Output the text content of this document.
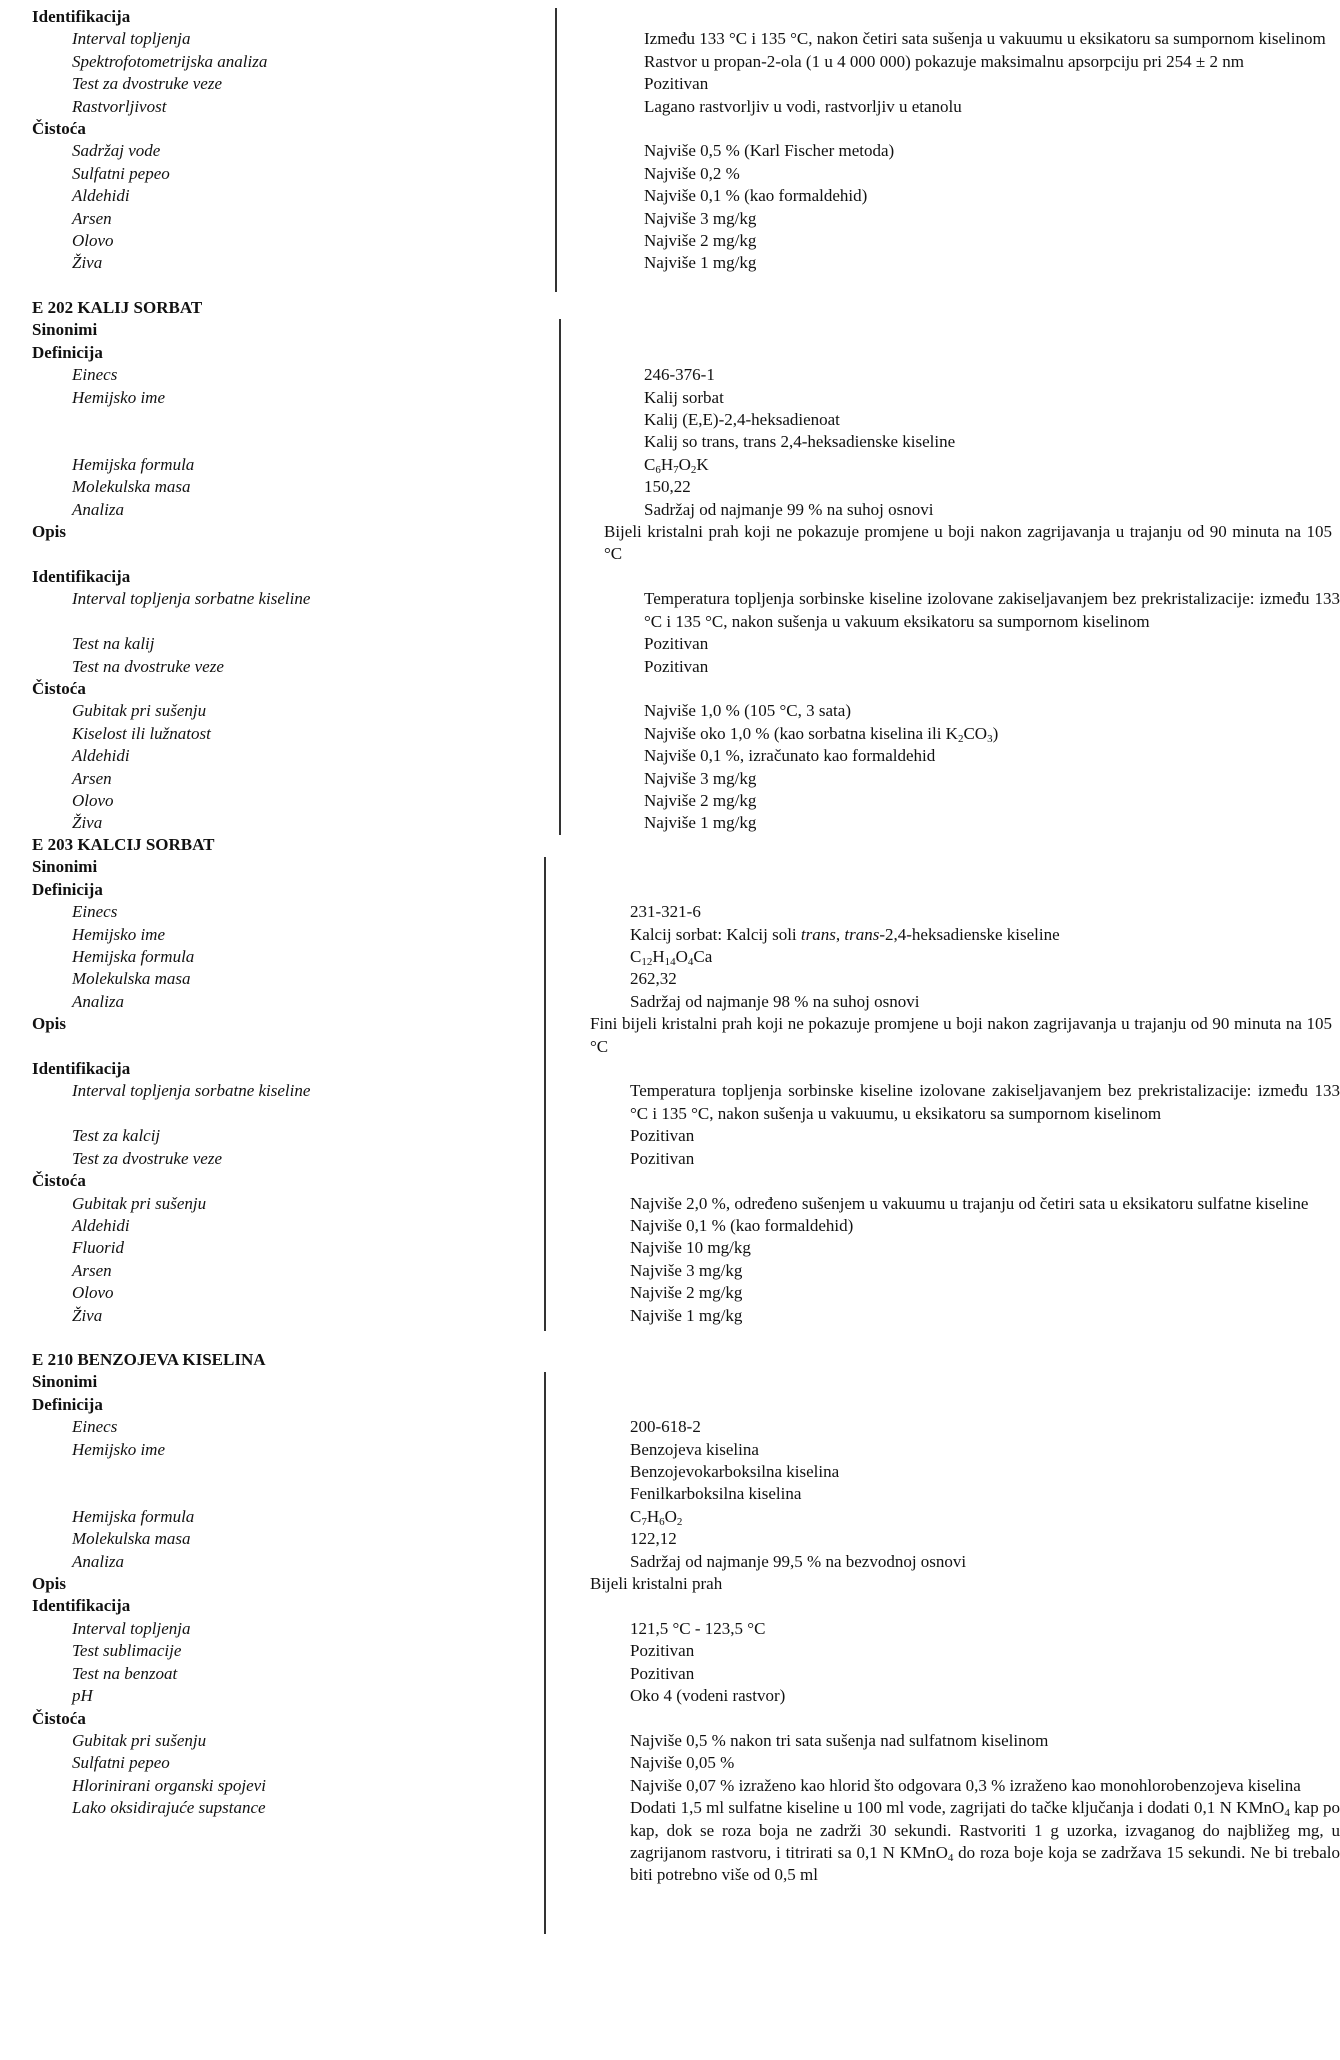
Identifikacija
Interval topljenja	Između 133 °C i 135 °C, nakon četiri sata sušenja u vakuumu u eksikatoru sa sumpornom kiselinom
Spektrofotometrijska analiza	Rastvor u propan-2-ola (1 u 4 000 000) pokazuje maksimalnu apsorpciju pri 254 ± 2 nm
Test za dvostruke veze	Pozitivan
Rastvorljivost	Lagano rastvorljiv u vodi, rastvorljiv u etanolu
Čistoća
Sadržaj vode	Najviše 0,5 % (Karl Fischer metoda)
Sulfatni pepeo	Najviše 0,2 %
Aldehidi	Najviše 0,1 % (kao formaldehid)
Arsen	Najviše 3 mg/kg
Olovo	Najviše 2 mg/kg
Živa	Najviše 1 mg/kg
E 202 KALIJ SORBAT
Sinonimi
Definicija
Einecs	246-376-1
Hemijsko ime	Kalij sorbat
Kalij (E,E)-2,4-heksadienoat
Kalij so trans, trans 2,4-heksadienske kiseline
Hemijska formula	$C_6H_7O_2K$
Molekulska masa	150,22
Analiza	Sadržaj od najmanje 99 % na suhoj osnovi
Opis	Bijeli kristalni prah koji ne pokazuje promjene u boji nakon zagrijavanja u trajanju od 90 minuta na 105 °C
Identifikacija
Interval topljenja sorbatne kiseline	Temperatura topljenja sorbinske kiseline izolovane zakiseljavanjem bez prekristalizacije: između 133 °C i 135 °C, nakon sušenja u vakuum eksikatoru sa sumpornom kiselinom
Test na kalij	Pozitivan
Test na dvostruke veze	Pozitivan
Čistoća
Gubitak pri sušenju	Najviše 1,0 % (105 °C, 3 sata)
Kiselost ili lužnatost	Najviše oko 1,0 % (kao sorbatna kiselina ili $K_2CO_3$)
Aldehidi	Najviše 0,1 %, izračunato kao formaldehid
Arsen	Najviše 3 mg/kg
Olovo	Najviše 2 mg/kg
Živa	Najviše 1 mg/kg
E 203 KALCIJ SORBAT
Sinonimi
Definicija
Einecs	231-321-6
Hemijsko ime	Kalcij sorbat: Kalcij soli trans, trans-2,4-heksadienske kiseline
Hemijska formula	$C_{12}H_{14}O_4Ca$
Molekulska masa	262,32
Analiza	Sadržaj od najmanje 98 % na suhoj osnovi
Opis	Fini bijeli kristalni prah koji ne pokazuje promjene u boji nakon zagrijavanja u trajanju od 90 minuta na 105 °C
Identifikacija
Interval topljenja sorbatne kiseline	Temperatura topljenja sorbinske kiseline izolovane zakiseljavanjem bez prekristalizacije: između 133 °C i 135 °C, nakon sušenja u vakuumu, u eksikatoru sa sumpornom kiselinom
Test za kalcij	Pozitivan
Test za dvostruke veze	Pozitivan
Čistoća
Gubitak pri sušenju	Najviše 2,0 %, određeno sušenjem u vakuumu u trajanju od četiri sata u eksikatoru sulfatne kiseline
Aldehidi	Najviše 0,1 % (kao formaldehid)
Fluorid	Najviše 10 mg/kg
Arsen	Najviše 3 mg/kg
Olovo	Najviše 2 mg/kg
Živa	Najviše 1 mg/kg
E 210 BENZOJEVA KISELINA
Sinonimi
Definicija
Einecs	200-618-2
Hemijsko ime	Benzojeva kiselina
Benzojevokarboksilna kiselina
Fenilkarboksilna kiselina
Hemijska formula	$C_7H_6O_2$
Molekulska masa	122,12
Analiza	Sadržaj od najmanje 99,5 % na bezvodnoj osnovi
Opis	Bijeli kristalni prah
Identifikacija
Interval topljenja	121,5 °C - 123,5 °C
Test sublimacije	Pozitivan
Test na benzoat	Pozitivan
pH	Oko 4 (vodeni rastvor)
Čistoća
Gubitak pri sušenju	Najviše 0,5 % nakon tri sata sušenja nad sulfatnom kiselinom
Sulfatni pepeo	Najviše 0,05 %
Hlorinirani organski spojevi	Najviše 0,07 % izraženo kao hlorid što odgovara 0,3 % izraženo kao monohlorobenzojeva kiselina
Lako oksidirajuće supstance	Dodati 1,5 ml sulfatne kiseline u 100 ml vode, zagrijati do tačke ključanja i dodati 0,1 N KMnO$_4$ kap po kap, dok se roza boja ne zadrži 30 sekundi. Rastvoriti 1 g uzorka, izvaganog do najbližeg mg, u zagrijanom rastvoru, i titrirati sa 0,1 N KMnO$_4$ do roza boje koja se zadržava 15 sekundi. Ne bi trebalo biti potrebno više od 0,5 ml
